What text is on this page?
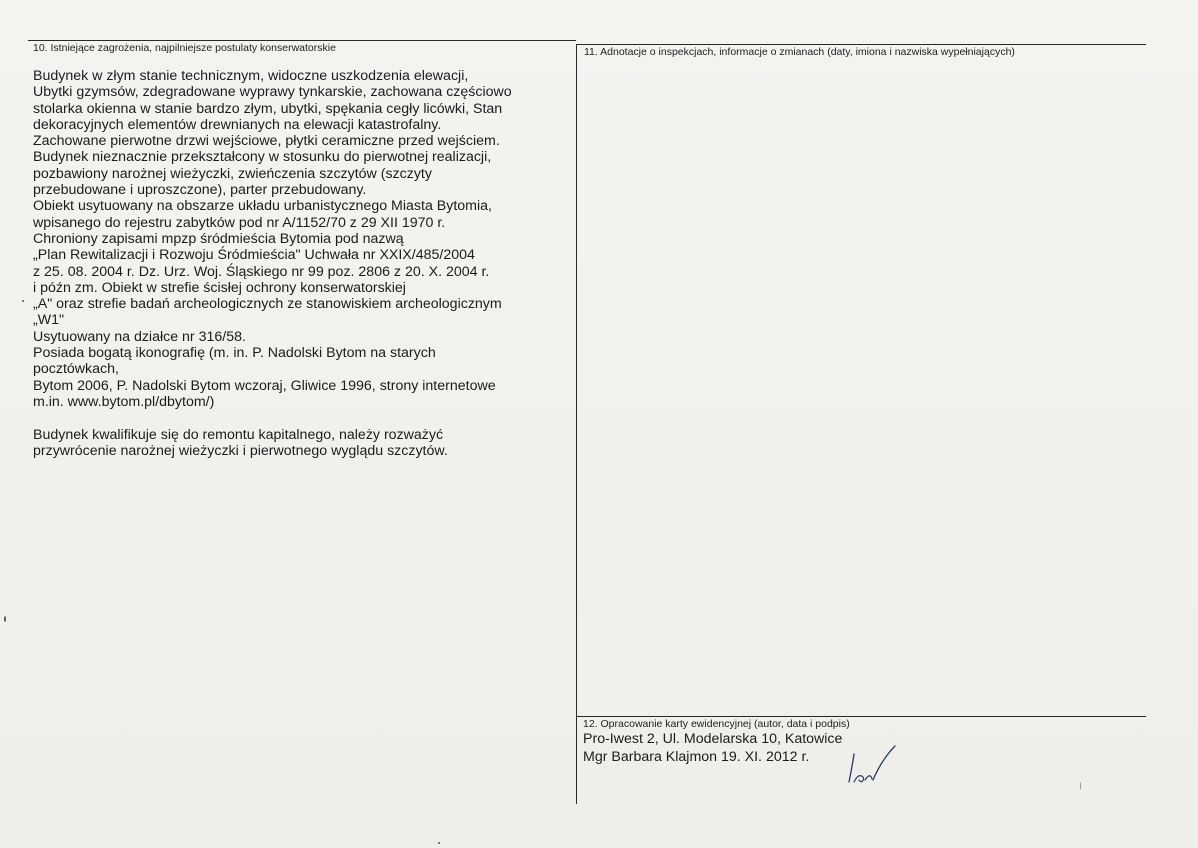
10. Istniejące zagrożenia, najpilniejsze postulaty konserwatorskie
Budynek w złym stanie technicznym, widoczne uszkodzenia elewacji,
Ubytki gzymsów, zdegradowane wyprawy tynkarskie, zachowana częściowo
stolarka okienna w stanie bardzo złym, ubytki, spękania cegły licówki, Stan
dekoracyjnych elementów drewnianych na elewacji katastrofalny.
Zachowane pierwotne drzwi wejściowe, płytki ceramiczne przed wejściem.
Budynek nieznacznie przekształcony w stosunku do pierwotnej realizacji,
pozbawiony narożnej wieżyczki, zwieńczenia szczytów (szczyty
przebudowane i uproszczone), parter przebudowany.
Obiekt usytuowany na obszarze układu urbanistycznego Miasta Bytomia,
wpisanego do rejestru zabytków pod nr A/1152/70 z 29 XII 1970 r.
Chroniony zapisami mpzp śródmieścia Bytomia pod nazwą
„Plan Rewitalizacji i Rozwoju Śródmieścia" Uchwała nr XXIX/485/2004
z 25. 08. 2004 r. Dz. Urz. Woj. Śląskiego nr 99 poz. 2806 z 20. X. 2004 r.
i późn zm. Obiekt w strefie ścisłej ochrony konserwatorskiej
„A" oraz strefie badań archeologicznych ze stanowiskiem archeologicznym
„W1"
Usytuowany na działce nr 316/58.
Posiada bogatą ikonografię (m. in. P. Nadolski Bytom na starych
pocztówkach,
Bytom 2006, P. Nadolski Bytom wczoraj, Gliwice 1996, strony internetowe
m.in. www.bytom.pl/dbytom/)
Budynek kwalifikuje się do remontu kapitalnego, należy rozważyć
przywrócenie narożnej wieżyczki i pierwotnego wyglądu szczytów.
11. Adnotacje o inspekcjach, informacje o zmianach (daty, imiona i nazwiska wypełniających)
12. Opracowanie karty ewidencyjnej (autor, data i podpis)
Pro-Iwest 2, Ul. Modelarska 10, Katowice
Mgr Barbara Klajmon 19. XI. 2012 r.
